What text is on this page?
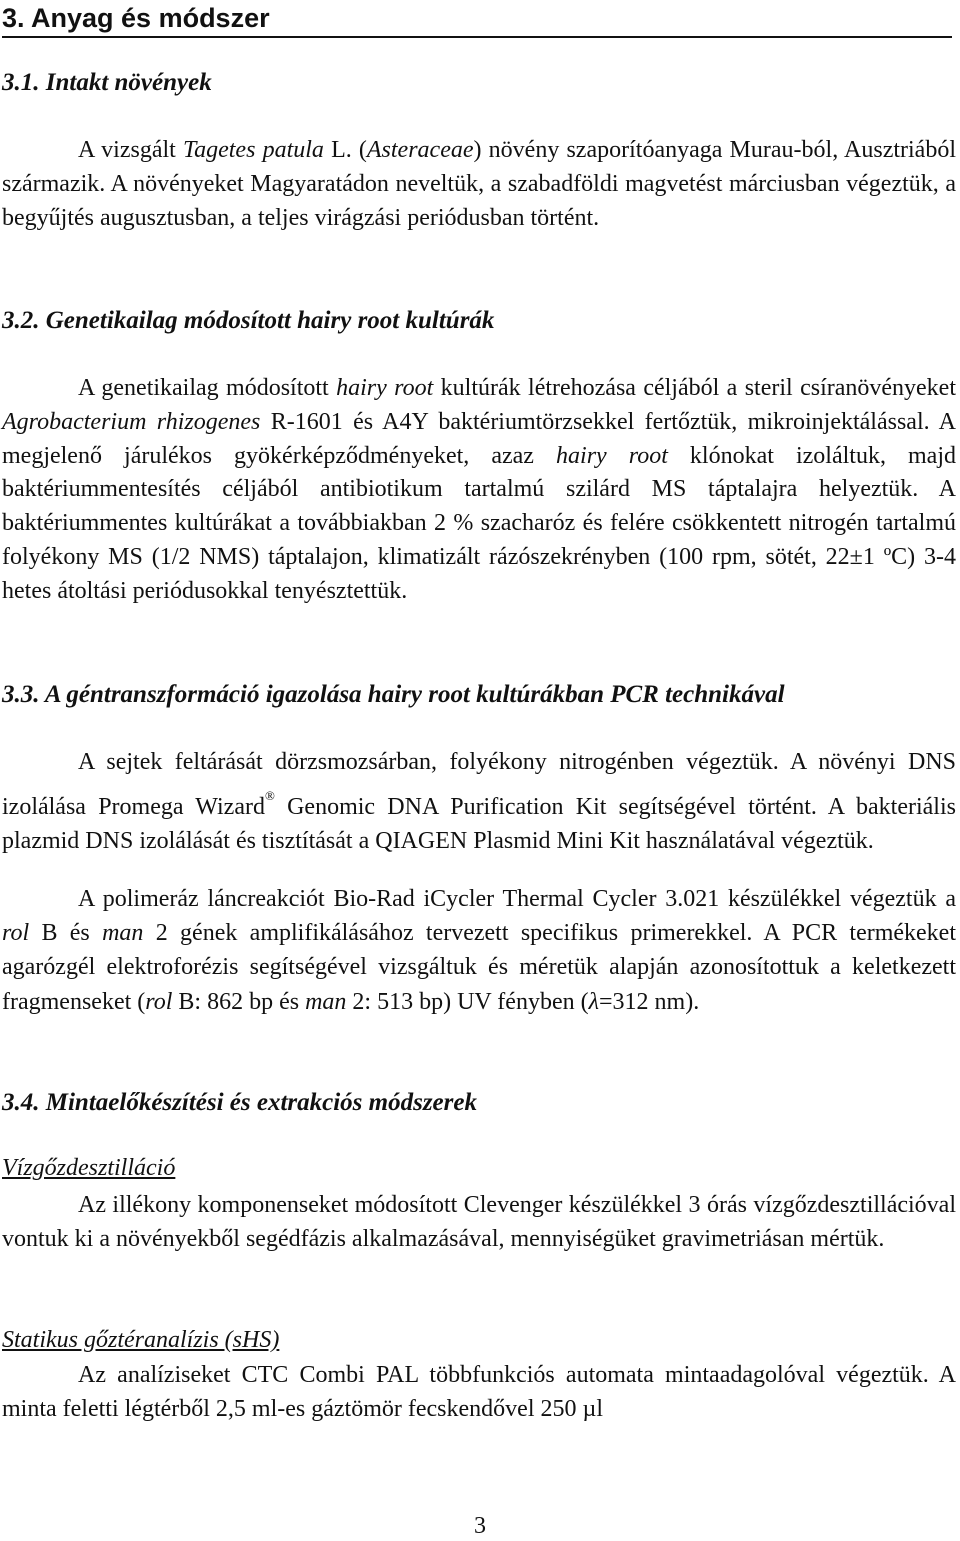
3. Anyag és módszer
3.1. Intakt növények

A vizsgált Tagetes patula L. (Asteraceae) növény szaporítóanyaga Murau-ból, Ausztriából származik. A növényeket Magyaratádon neveltük, a szabadföldi magvetést márciusban végeztük, a begyűjtés augusztusban, a teljes virágzási periódusban történt.

3.2. Genetikailag módosított hairy root kultúrák

A genetikailag módosított hairy root kultúrák létrehozása céljából a steril csíranövényeket Agrobacterium rhizogenes R-1601 és A4Y baktériumtörzsekkel fertőztük, mikroinjektálással. A megjelenő járulékos gyökérképződményeket, azaz hairy root klónokat izoláltuk, majd baktériummentesítés céljából antibiotikum tartalmú szilárd MS táptalajra helyeztük. A baktériummentes kultúrákat a továbbiakban 2 % szacharóz és felére csökkentett nitrogén tartalmú folyékony MS (1/2 NMS) táptalajon, klimatizált rázószekrényben (100 rpm, sötét, 22±1 ºC) 3-4 hetes átoltási periódusokkal tenyésztettük.

3.3. A géntranszformáció igazolása hairy root kultúrákban PCR technikával

A sejtek feltárását dörzsmozsárban, folyékony nitrogénben végeztük. A növényi DNS izolálása Promega Wizard® Genomic DNA Purification Kit segítségével történt. A bakteriális plazmid DNS izolálását és tisztítását a QIAGEN Plasmid Mini Kit használatával végeztük.

A polimeráz láncreakciót Bio-Rad iCycler Thermal Cycler 3.021 készülékkel végeztük a rol B és man 2 gének amplifikálásához tervezett specifikus primerekkel. A PCR termékeket agarózgél elektroforézis segítségével vizsgáltuk és méretük alapján azonosítottuk a keletkezett fragmenseket (rol B: 862 bp és man 2: 513 bp) UV fényben (λ=312 nm).

3.4. Mintaelőkészítési és extrakciós módszerek
Vízgőzdesztilláció

Az illékony komponenseket módosított Clevenger készülékkel 3 órás vízgőzdesztillációval vontuk ki a növényekből segédfázis alkalmazásával, mennyiségüket gravimetriásan mértük.

Statikus gőztéranalízis (sHS)

Az analíziseket CTC Combi PAL többfunkciós automata mintaadagolóval végeztük. A minta feletti légtérből 2,5 ml-es gáztömör fecskendővel 250 µl

3
